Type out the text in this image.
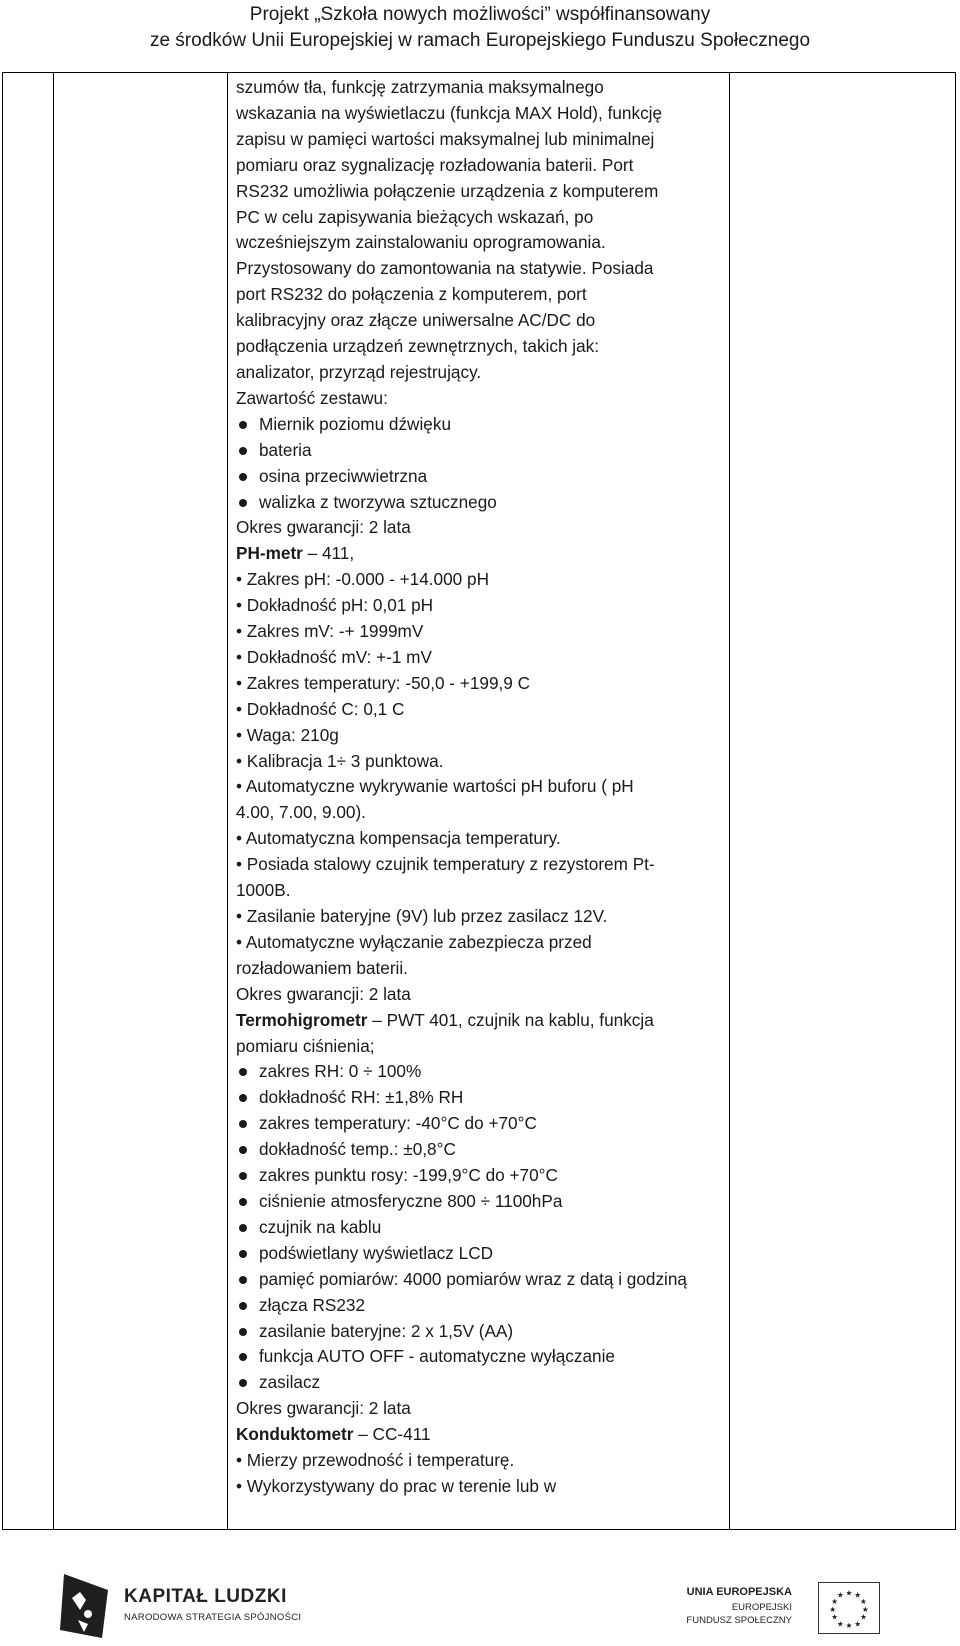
Projekt „Szkoła nowych możliwości” współfinansowany
ze środków Unii Europejskiej w ramach Europejskiego Funduszu Społecznego

szumów tła, funkcję zatrzymania maksymalnego

wskazania na wyświetlaczu (funkcja MAX Hold), funkcję

zapisu w pamięci wartości maksymalnej lub minimalnej

pomiaru oraz sygnalizację rozładowania baterii. Port

RS232 umożliwia połączenie urządzenia z komputerem

PC w celu zapisywania bieżących wskazań, po

wcześniejszym zainstalowaniu oprogramowania.

Przystosowany do zamontowania na statywie. Posiada

port RS232 do połączenia z komputerem, port

kalibracyjny oraz złącze uniwersalne AC/DC do

podłączenia urządzeń zewnętrznych, takich jak:

analizator, przyrząd rejestrujący.

Zawartość zestawu:

Miernik poziomu dźwięku

bateria

osina przeciwwietrzna

walizka z tworzywa sztucznego

Okres gwarancji: 2 lata

PH-metr – 411,

• Zakres pH: -0.000 - +14.000 pH

• Dokładność pH: 0,01 pH

• Zakres mV: -+ 1999mV

• Dokładność mV: +-1 mV

• Zakres temperatury: -50,0 - +199,9 C

• Dokładność C: 0,1 C

• Waga: 210g

• Kalibracja 1÷ 3 punktowa.

• Automatyczne wykrywanie wartości pH buforu ( pH

4.00, 7.00, 9.00).

• Automatyczna kompensacja temperatury.

• Posiada stalowy czujnik temperatury z rezystorem Pt-

1000B.

• Zasilanie bateryjne (9V) lub przez zasilacz 12V.

• Automatyczne wyłączanie zabezpiecza przed

rozładowaniem baterii.

Okres gwarancji: 2 lata

Termohigrometr – PWT 401, czujnik na kablu, funkcja

pomiaru ciśnienia;

zakres RH: 0 ÷ 100%

dokładność RH: ±1,8% RH

zakres temperatury: -40°C do +70°C

dokładność temp.: ±0,8°C

zakres punktu rosy: -199,9°C do +70°C

ciśnienie atmosferyczne 800 ÷ 1100hPa

czujnik na kablu

podświetlany wyświetlacz LCD

pamięć pomiarów: 4000 pomiarów wraz z datą i godziną

złącza RS232

zasilanie bateryjne: 2 x 1,5V (AA)

funkcja AUTO OFF - automatyczne wyłączanie

zasilacz

Okres gwarancji: 2 lata

Konduktometr – CC-411

• Mierzy przewodność i temperaturę.

• Wykorzystywany do prac w terenie lub w

KAPITAŁ LUDZKI
NARODOWA STRATEGIA SPÓJNOŚCI
UNIA EUROPEJSKA
EUROPEJSKI
FUNDUSZ SPOŁECZNY
★ ★
★
★
★
★
★
★
★
★
★
★
